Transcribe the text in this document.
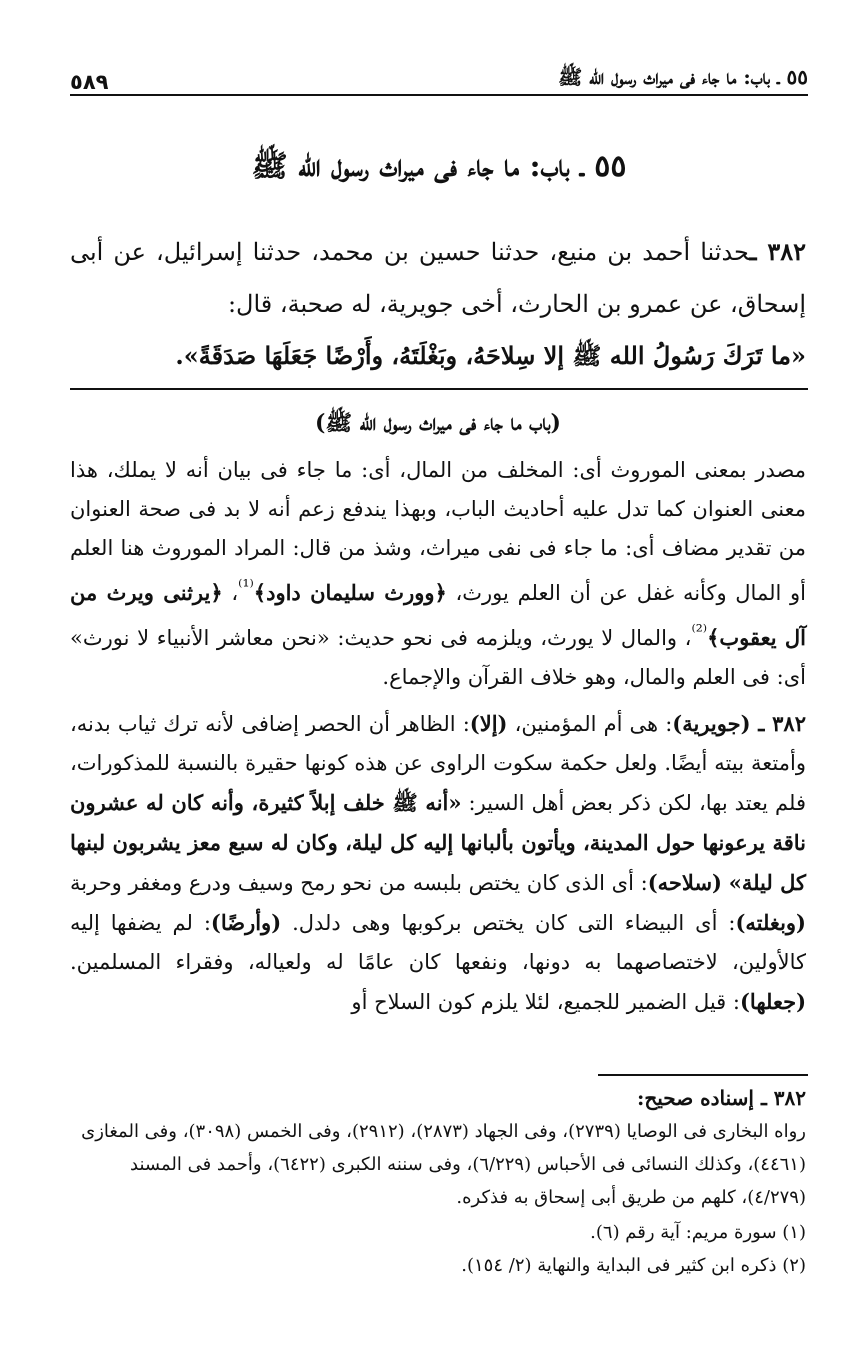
٥٨٩	٥٥ ـ باب: ما جاء فى ميراث رسول الله ﷺ
٥٥ ـ باب: ما جاء فى ميراث رسول الله ﷺ

٣٨٢ ـحدثنا أحمد بن منيع، حدثنا حسين بن محمد، حدثنا إسرائيل، عن أبى إسحاق، عن عمرو بن الحارث، أخى جويرية، له صحبة، قال:

«ما تَرَكَ رَسُولُ الله ﷺ إلا سِلاحَهُ، وبَغْلَتَهُ، وأَرْضًا جَعَلَهَا صَدَقَةً».

(باب ما جاء فى ميراث رسول الله ﷺ)

مصدر بمعنى الموروث أى: المخلف من المال، أى: ما جاء فى بيان أنه لا يملك، هذا معنى العنوان كما تدل عليه أحاديث الباب، وبهذا يندفع زعم أنه لا بد فى صحة العنوان من تقدير مضاف أى: ما جاء فى نفى ميراث، وشذ من قال: المراد الموروث هنا العلم أو المال وكأنه غفل عن أن العلم يورث، ﴿وورث سليمان داود﴾$^{^{(1)}}$، ﴿يرثنى ويرث من آل يعقوب﴾$^{^{(2)}}$، والمال لا يورث، ويلزمه فى نحو حديث: «نحن معاشر الأنبياء لا نورث» أى: فى العلم والمال، وهو خلاف القرآن والإجماع.

٣٨٢ ـ (جويرية): هى أم المؤمنين، (إلا): الظاهر أن الحصر إضافى لأنه ترك ثياب بدنه، وأمتعة بيته أيضًا. ولعل حكمة سكوت الراوى عن هذه كونها حقيرة بالنسبة للمذكورات، فلم يعتد بها، لكن ذكر بعض أهل السير: «أنه ﷺ خلف إبلاً كثيرة، وأنه كان له عشرون ناقة يرعونها حول المدينة، ويأتون بألبانها إليه كل ليلة، وكان له سبع معز يشربون لبنها كل ليلة» (سلاحه): أى الذى كان يختص بلبسه من نحو رمح وسيف ودرع ومغفر وحربة (وبغلته): أى البيضاء التى كان يختص بركوبها وهى دلدل. (وأرضًا): لم يضفها إليه كالأولين، لاختصاصهما به دونها، ونفعها كان عامًا له ولعياله، وفقراء المسلمين. (جعلها): قيل الضمير للجميع، لئلا يلزم كون السلاح أو

٣٨٢ ـ إسناده صحيح:

رواه البخارى فى الوصايا (٢٧٣٩)، وفى الجهاد (٢٨٧٣)، (٢٩١٢)، وفى الخمس (٣٠٩٨)، وفى المغازى (٤٤٦١)، وكذلك النسائى فى الأحباس (٦/٢٢٩)، وفى سننه الكبرى (٦٤٢٢)، وأحمد فى المسند (٤/٢٧٩)، كلهم من طريق أبى إسحاق به فذكره.

(١) سورة مريم: آية رقم (٦).

(٢) ذكره ابن كثير فى البداية والنهاية (٢/ ١٥٤).
